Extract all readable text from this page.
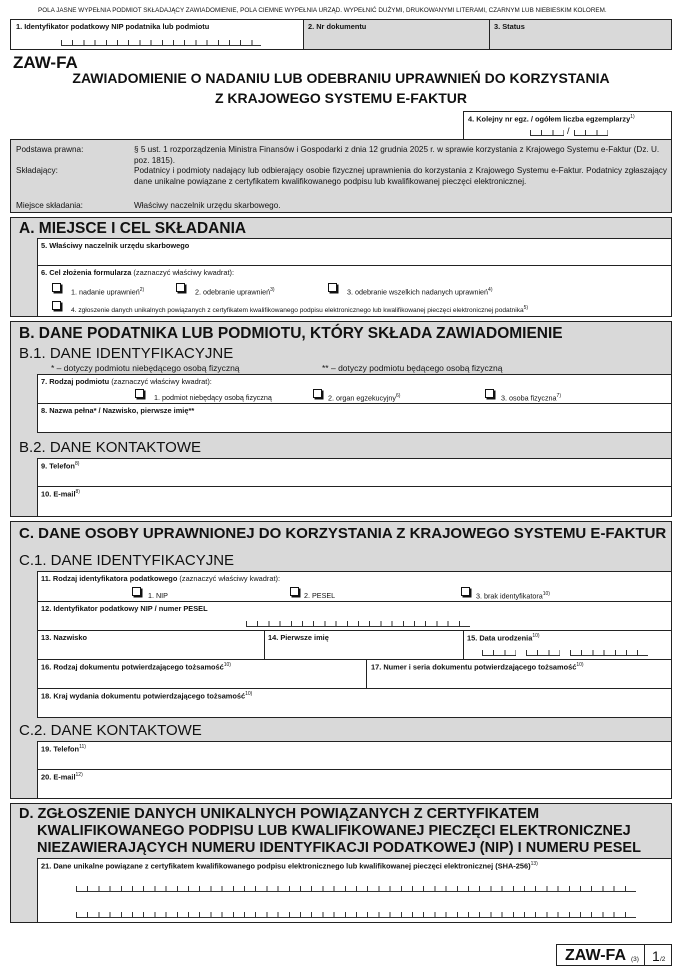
POLA JASNE WYPEŁNIA PODMIOT SKŁADAJĄCY ZAWIADOMIENIE, POLA CIEMNE WYPEŁNIA URZĄD. WYPEŁNIĆ DUŻYMI, DRUKOWANYMI LITERAMI, CZARNYM LUB NIEBIESKIM KOLOREM.
1. Identyfikator podatkowy NIP podatnika lub podmiotu	2. Nr dokumentu	3. Status
ZAW-FA
ZAWIADOMIENIE O NADANIU LUB ODEBRANIU UPRAWNIEŃ DO KORZYSTANIA
Z KRAJOWEGO SYSTEMU E-FAKTUR
4. Kolejny nr egz. / ogółem liczba egzemplarzy$^{1)}$
/
Podstawa prawna:	§ 5 ust. 1 rozporządzenia Ministra Finansów i Gospodarki z dnia 12 grudnia 2025 r. w sprawie korzystania z Krajowego Systemu e-Faktur (Dz. U. poz. 1815).
Składający:	Podatnicy i podmioty nadający lub odbierający osobie fizycznej uprawnienia do korzystania z Krajowego Systemu e-Faktur. Podatnicy zgłaszający dane unikalne powiązane z certyfikatem kwalifikowanego podpisu lub kwalifikowanej pieczęci elektronicznej.
Miejsce składania:	Właściwy naczelnik urzędu skarbowego.
A. MIEJSCE I CEL SKŁADANIA
5. Właściwy naczelnik urzędu skarbowego
6. Cel złożenia formularza (zaznaczyć właściwy kwadrat):
1. nadanie uprawnień$^{2)}$	2. odebranie uprawnień$^{3)}$	3. odebranie wszelkich nadanych uprawnień$^{4)}$
4. zgłoszenie danych unikalnych powiązanych z certyfikatem kwalifikowanego podpisu elektronicznego lub kwalifikowanej pieczęci elektronicznej podatnika$^{5)}$
B. DANE PODATNIKA LUB PODMIOTU, KTÓRY SKŁADA ZAWIADOMIENIE
B.1. DANE IDENTYFIKACYJNE
* – dotyczy podmiotu niebędącego osobą fizyczną	** – dotyczy podmiotu będącego osobą fizyczną
B.2. DANE KONTAKTOWE
7. Rodzaj podmiotu (zaznaczyć właściwy kwadrat):
1. podmiot niebędący osobą fizyczną	2. organ egzekucyjny$^{6)}$	3. osoba fizyczna$^{7)}$
8. Nazwa pełna* / Nazwisko, pierwsze imię**
9. Telefon$^{8)}$
10. E-mail$^{8)}$
C. DANE OSOBY UPRAWNIONEJ DO KORZYSTANIA Z KRAJOWEGO SYSTEMU E-FAKTUR
C.1. DANE IDENTYFIKACYJNE
C.2. DANE KONTAKTOWE
11. Rodzaj identyfikatora podatkowego (zaznaczyć właściwy kwadrat):
1. NIP	2. PESEL	3. brak identyfikatora$^{10)}$
12. Identyfikator podatkowy NIP / numer PESEL
13. Nazwisko	14. Pierwsze imię	15. Data urodzenia$^{10)}$
16. Rodzaj dokumentu potwierdzającego tożsamość$^{10)}$	17. Numer i seria dokumentu potwierdzającego tożsamość$^{10)}$
18. Kraj wydania dokumentu potwierdzającego tożsamość$^{10)}$
19. Telefon$^{11)}$
20. E-mail$^{12)}$
D. ZGŁOSZENIE DANYCH UNIKALNYCH POWIĄZANYCH Z CERTYFIKATEM
KWALIFIKOWANEGO PODPISU LUB KWALIFIKOWANEJ PIECZĘCI ELEKTRONICZNEJ
NIEZAWIERAJĄCYCH NUMERU IDENTYFIKACJI PODATKOWEJ (NIP) I NUMERU PESEL
21. Dane unikalne powiązane z certyfikatem kwalifikowanego podpisu elektronicznego lub kwalifikowanej pieczęci elektronicznej $(SHA-256)^{13)}$
ZAW-FA (3) 1 /2
